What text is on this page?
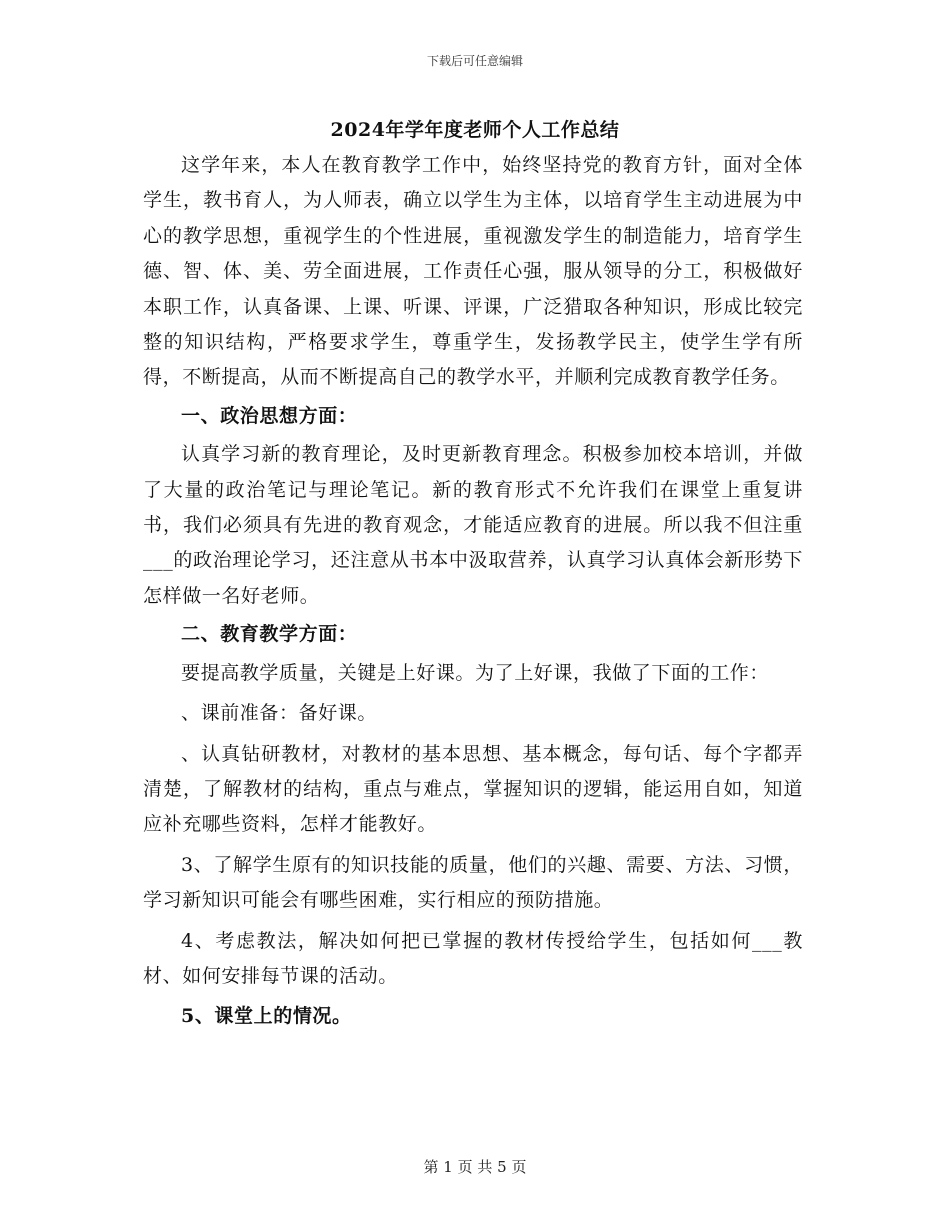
下载后可任意编辑
2024年学年度老师个人工作总结

这学年来，本人在教育教学工作中，始终坚持党的教育方针，面对全体学生，教书育人，为人师表，确立以学生为主体，以培育学生主动进展为中心的教学思想，重视学生的个性进展，重视激发学生的制造能力，培育学生德、智、体、美、劳全面进展，工作责任心强，服从领导的分工，积极做好本职工作，认真备课、上课、听课、评课，广泛猎取各种知识，形成比较完整的知识结构，严格要求学生，尊重学生，发扬教学民主，使学生学有所得，不断提高，从而不断提高自己的教学水平，并顺利完成教育教学任务。

一、政治思想方面：

认真学习新的教育理论，及时更新教育理念。积极参加校本培训，并做了大量的政治笔记与理论笔记。新的教育形式不允许我们在课堂上重复讲书，我们必须具有先进的教育观念，才能适应教育的进展。所以我不但注重___的政治理论学习，还注意从书本中汲取营养，认真学习认真体会新形势下怎样做一名好老师。

二、教育教学方面：

要提高教学质量，关键是上好课。为了上好课，我做了下面的工作：

、课前准备：备好课。

、认真钻研教材，对教材的基本思想、基本概念，每句话、每个字都弄清楚，了解教材的结构，重点与难点，掌握知识的逻辑，能运用自如，知道应补充哪些资料，怎样才能教好。

3、了解学生原有的知识技能的质量，他们的兴趣、需要、方法、习惯，学习新知识可能会有哪些困难，实行相应的预防措施。

4、考虑教法，解决如何把已掌握的教材传授给学生，包括如何___教材、如何安排每节课的活动。

5、课堂上的情况。

第 1 页 共 5 页
